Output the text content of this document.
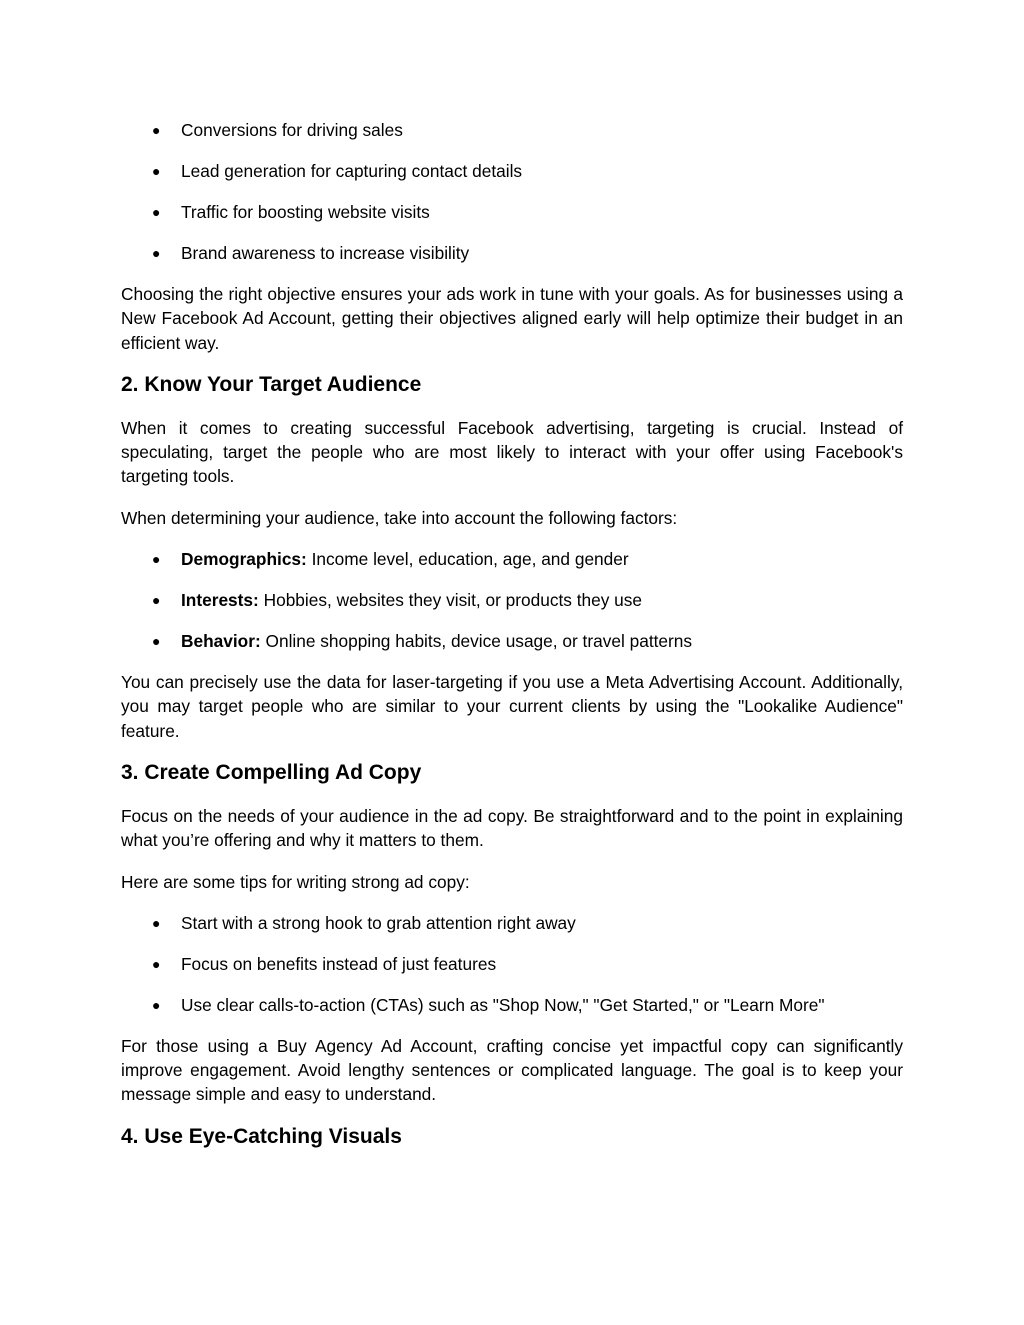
● Conversions for driving sales
● Lead generation for capturing contact details
● Traffic for boosting website visits
● Brand awareness to increase visibility

Choosing the right objective ensures your ads work in tune with your goals. As for businesses using a New Facebook Ad Account, getting their objectives aligned early will help optimize their budget in an efficient way.

2. Know Your Target Audience

When it comes to creating successful Facebook advertising, targeting is crucial. Instead of speculating, target the people who are most likely to interact with your offer using Facebook's targeting tools.

When determining your audience, take into account the following factors:

● Demographics: Income level, education, age, and gender
● Interests: Hobbies, websites they visit, or products they use
● Behavior: Online shopping habits, device usage, or travel patterns

You can precisely use the data for laser-targeting if you use a Meta Advertising Account. Additionally, you may target people who are similar to your current clients by using the "Lookalike Audience" feature.

3. Create Compelling Ad Copy

Focus on the needs of your audience in the ad copy. Be straightforward and to the point in explaining what you’re offering and why it matters to them.

Here are some tips for writing strong ad copy:

● Start with a strong hook to grab attention right away
● Focus on benefits instead of just features
● Use clear calls-to-action (CTAs) such as "Shop Now," "Get Started," or "Learn More"

For those using a Buy Agency Ad Account, crafting concise yet impactful copy can significantly improve engagement. Avoid lengthy sentences or complicated language. The goal is to keep your message simple and easy to understand.

4. Use Eye-Catching Visuals
